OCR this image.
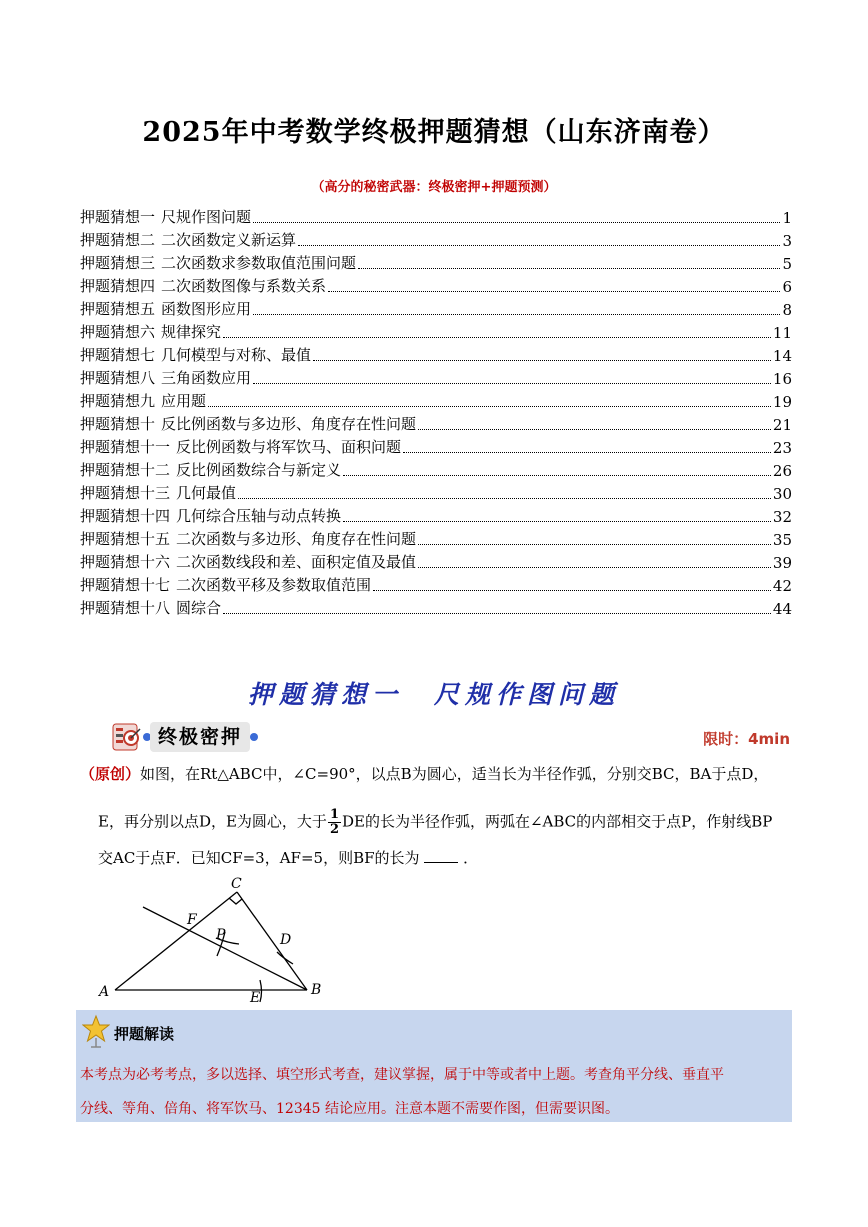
2025年中考数学终极押题猜想（山东济南卷）
（高分的秘密武器：终极密押+押题预测）
押题猜想一 尺规作图问题	1
押题猜想二 二次函数定义新运算	3
押题猜想三 二次函数求参数取值范围问题	5
押题猜想四 二次函数图像与系数关系	6
押题猜想五 函数图形应用	8
押题猜想六 规律探究	11
押题猜想七 几何模型与对称、最值	14
押题猜想八 三角函数应用	16
押题猜想九 应用题	19
押题猜想十 反比例函数与多边形、角度存在性问题	21
押题猜想十一 反比例函数与将军饮马、面积问题	23
押题猜想十二 反比例函数综合与新定义	26
押题猜想十三 几何最值	30
押题猜想十四 几何综合压轴与动点转换	32
押题猜想十五 二次函数与多边形、角度存在性问题	35
押题猜想十六 二次函数线段和差、面积定值及最值	39
押题猜想十七 二次函数平移及参数取值范围	42
押题猜想十八 圆综合	44
押题猜想一　尺规作图问题
终极密押	限时：4min
（原创）如图，在Rt△ABC中，∠C=90°，以点B为圆心，适当长为半径作弧，分别交BC，BA于点D，
E，再分别以点D，E为圆心，大于 $\frac{1}{2}$ DE的长为半径作弧，两弧在∠ABC的内部相交于点P，作射线BP
交AC于点F．已知CF=3，AF=5，则BF的长为	．
C
F
P	D
A	B
E
押题解读
本考点为必考考点，多以选择、填空形式考查，建议掌握，属于中等或者中上题。考查角平分线、垂直平
分线、等角、倍角、将军饮马、12345 结论应用。注意本题不需要作图，但需要识图。
